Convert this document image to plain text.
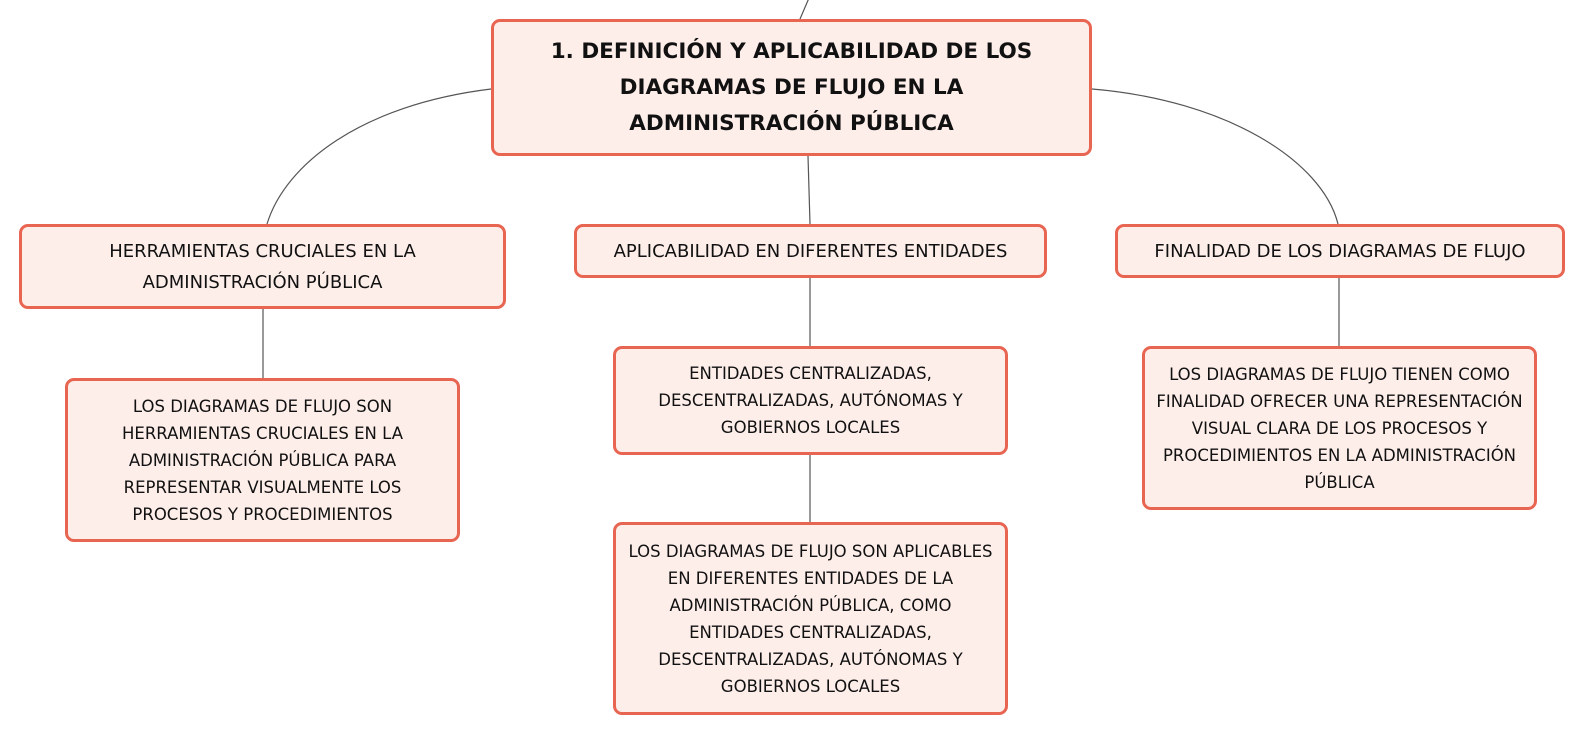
1. DEFINICIÓN Y APLICABILIDAD DE LOS DIAGRAMAS DE FLUJO EN LA ADMINISTRACIÓN PÚBLICA
HERRAMIENTAS CRUCIALES EN LA ADMINISTRACIÓN PÚBLICA
APLICABILIDAD EN DIFERENTES ENTIDADES	FINALIDAD DE LOS DIAGRAMAS DE FLUJO
LOS DIAGRAMAS DE FLUJO SON HERRAMIENTAS CRUCIALES EN LA ADMINISTRACIÓN PÚBLICA PARA REPRESENTAR VISUALMENTE LOS PROCESOS Y PROCEDIMIENTOS
ENTIDADES CENTRALIZADAS, DESCENTRALIZADAS, AUTÓNOMAS Y GOBIERNOS LOCALES
LOS DIAGRAMAS DE FLUJO SON APLICABLES EN DIFERENTES ENTIDADES DE LA ADMINISTRACIÓN PÚBLICA, COMO ENTIDADES CENTRALIZADAS, DESCENTRALIZADAS, AUTÓNOMAS Y GOBIERNOS LOCALES
LOS DIAGRAMAS DE FLUJO TIENEN COMO FINALIDAD OFRECER UNA REPRESENTACIÓN VISUAL CLARA DE LOS PROCESOS Y PROCEDIMIENTOS EN LA ADMINISTRACIÓN PÚBLICA
